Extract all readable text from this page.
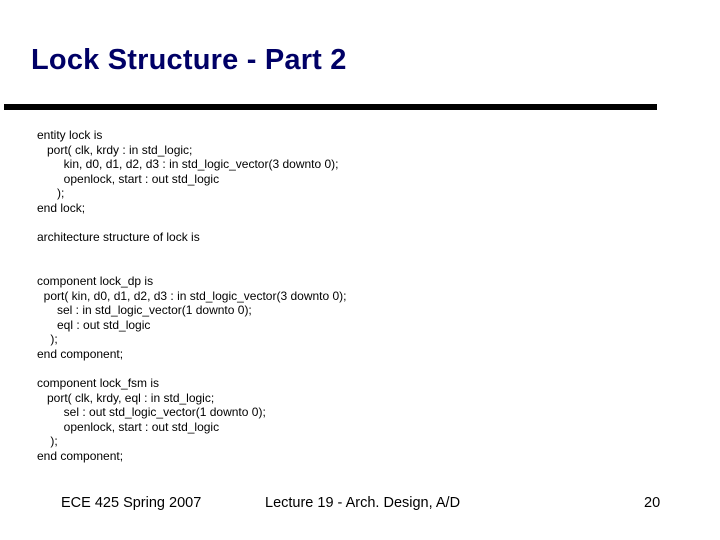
Lock Structure - Part 2
entity lock is
port( clk, krdy : in std_logic;
kin, d0, d1, d2, d3 : in std_logic_vector(3 downto 0);
openlock, start : out std_logic
);
end lock;
architecture structure of lock is
component lock_dp is
port( kin, d0, d1, d2, d3 : in std_logic_vector(3 downto 0);
sel : in std_logic_vector(1 downto 0);
eql : out std_logic
);
end component;
component lock_fsm is
port( clk, krdy, eql : in std_logic;
sel : out std_logic_vector(1 downto 0);
openlock, start : out std_logic
);
end component;
ECE 425 Spring 2007	Lecture 19 - Arch. Design, A/D	20
